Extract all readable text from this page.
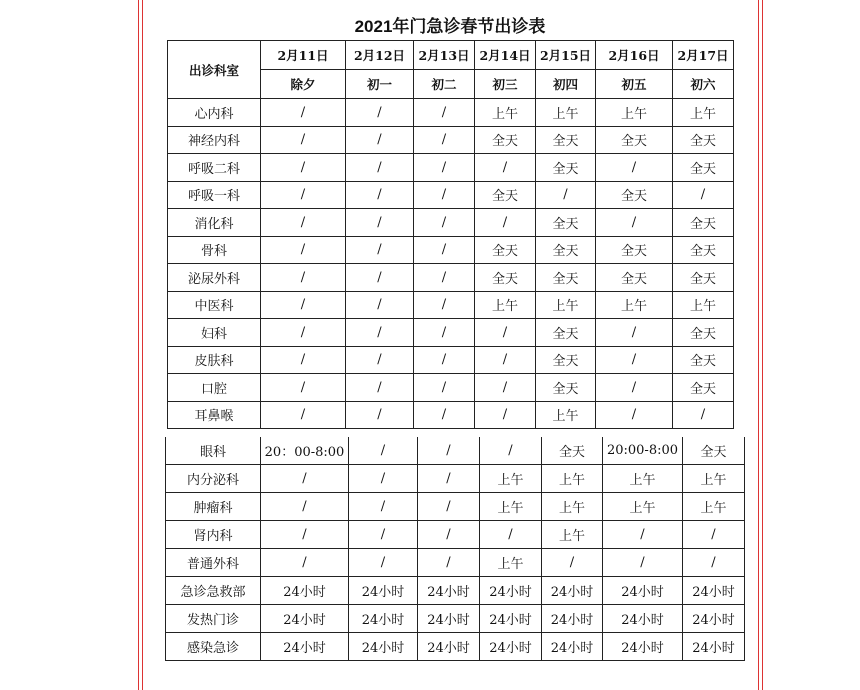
2021年门急诊春节出诊表
出诊科室	2月11日	2月12日	2月13日	2月14日	2月15日	2月16日	2月17日
	除夕	初一	初二	初三	初四	初五	初六
心内科	/	/	/	上午	上午	上午	上午
神经内科	/	/	/	全天	全天	全天	全天
呼吸二科	/	/	/	/	全天	/	全天
呼吸一科	/	/	/	全天	/	全天	/
消化科	/	/	/	/	全天	/	全天
骨科	/	/	/	全天	全天	全天	全天
泌尿外科	/	/	/	全天	全天	全天	全天
中医科	/	/	/	上午	上午	上午	上午
妇科	/	/	/	/	全天	/	全天
皮肤科	/	/	/	/	全天	/	全天
口腔	/	/	/	/	全天	/	全天
耳鼻喉	/	/	/	/	上午	/	/
眼科	20：00-8:00	/	/	/	全天	20:00-8:00	全天
内分泌科	/	/	/	上午	上午	上午	上午
肿瘤科	/	/	/	上午	上午	上午	上午
肾内科	/	/	/	/	上午	/	/
普通外科	/	/	/	上午	/	/	/
急诊急救部	24小时	24小时	24小时	24小时	24小时	24小时	24小时
发热门诊	24小时	24小时	24小时	24小时	24小时	24小时	24小时
感染急诊	24小时	24小时	24小时	24小时	24小时	24小时	24小时
